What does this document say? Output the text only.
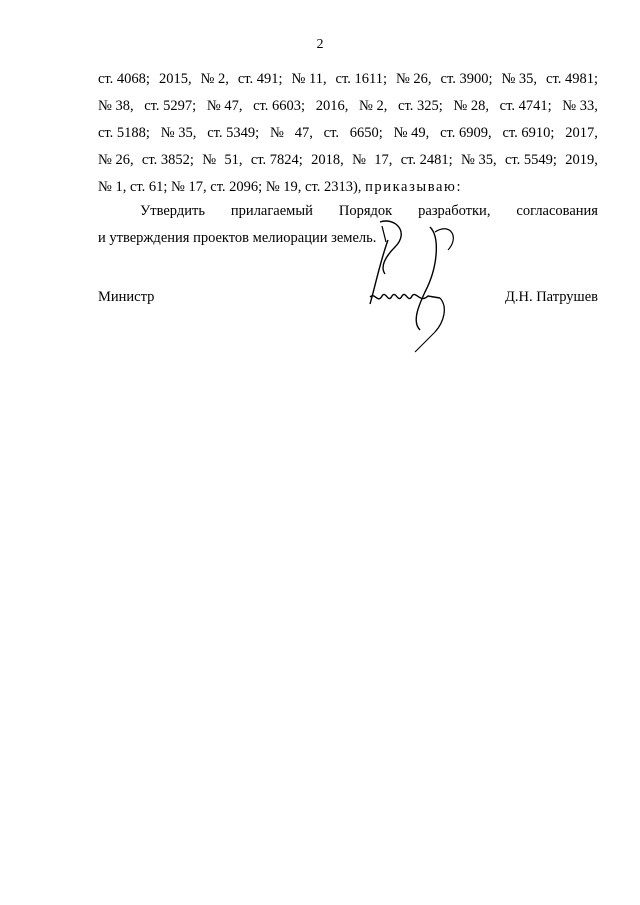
2
ст. 4068; 2015, № 2, ст. 491; № 11, ст. 1611; № 26, ст. 3900; № 35, ст. 4981;
№ 38, ст. 5297; № 47, ст. 6603; 2016, № 2, ст. 325; № 28, ст. 4741; № 33,
ст. 5188; № 35, ст. 5349; № 47, ст. 6650; № 49, ст. 6909, ст. 6910; 2017,
№ 26, ст. 3852; № 51, ст. 7824; 2018, № 17, ст. 2481; № 35, ст. 5549; 2019,
№ 1, ст. 61; № 17, ст. 2096; № 19, ст. 2313), приказываю:
Утвердить прилагаемый Порядок разработки, согласования
и утверждения проектов мелиорации земель.
Министр	Д.Н. Патрушев
